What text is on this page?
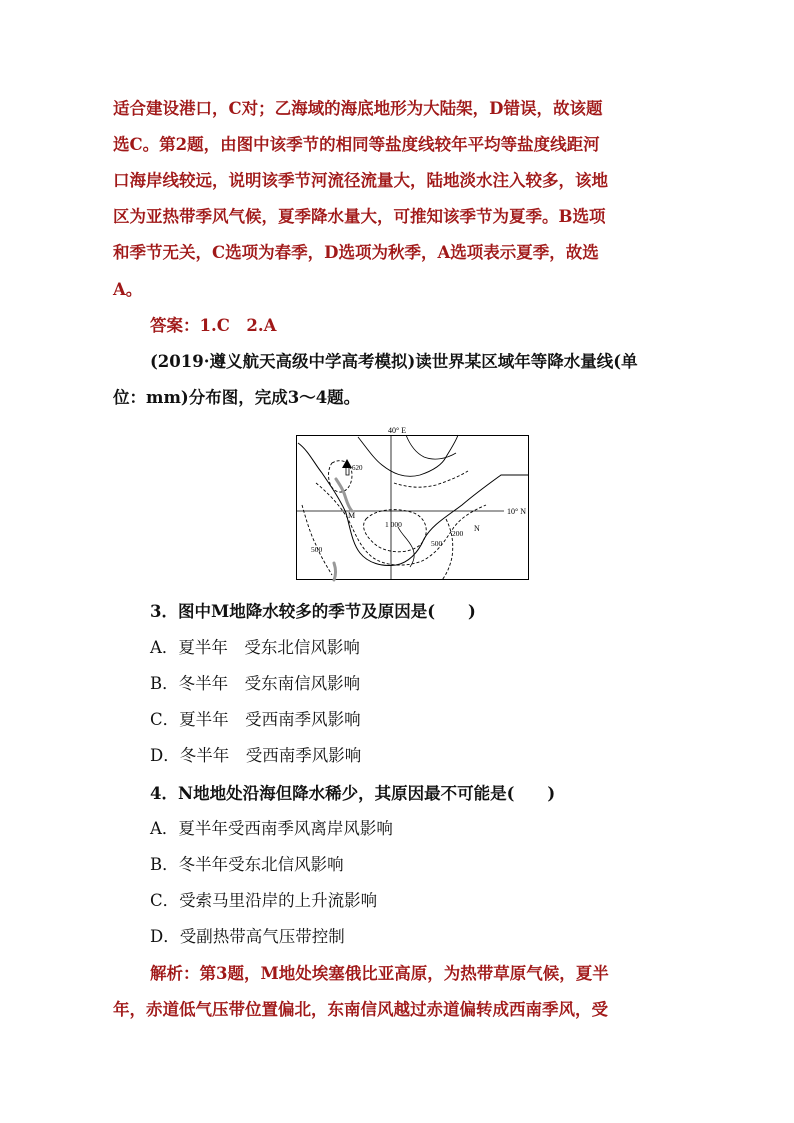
适合建设港口，C对；乙海域的海底地形为大陆架，D错误，故该题
选C。第2题，由图中该季节的相同等盐度线较年平均等盐度线距河
口海岸线较远，说明该季节河流径流量大，陆地淡水注入较多，该地
区为亚热带季风气候，夏季降水量大，可推知该季节为夏季。B选项
和季节无关，C选项为春季，D选项为秋季，A选项表示夏季，故选
A。
答案：1.C　2.A
(2019·遵义航天高级中学高考模拟)读世界某区域年等降水量线(单
位：mm)分布图，完成3～4题。
40° E
10° N
M
N
620
1 000
500
200
500
3．图中M地降水较多的季节及原因是(　　)
A．夏半年　受东北信风影响
B．冬半年　受东南信风影响
C．夏半年　受西南季风影响
D．冬半年　受西南季风影响
4．N地地处沿海但降水稀少，其原因最不可能是(　　)
A．夏半年受西南季风离岸风影响
B．冬半年受东北信风影响
C．受索马里沿岸的上升流影响
D．受副热带高气压带控制
解析：第3题，M地处埃塞俄比亚高原，为热带草原气候，夏半
年，赤道低气压带位置偏北，东南信风越过赤道偏转成西南季风，受
